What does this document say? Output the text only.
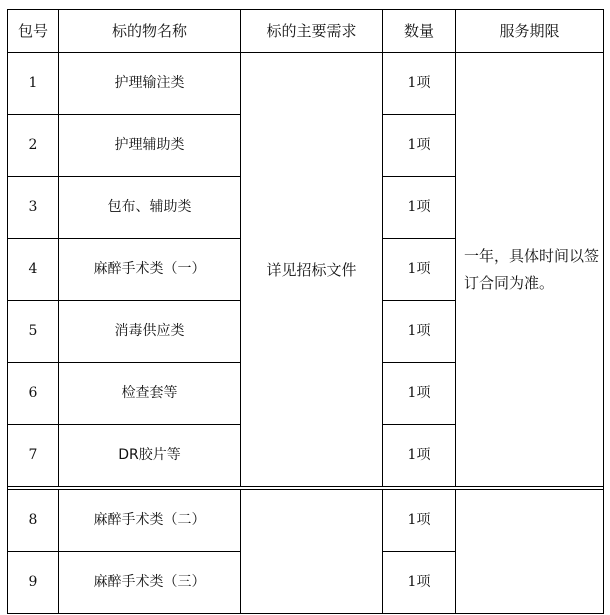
包号	标的物名称	标的主要需求	数量	服务期限
1	护理输注类	详见招标文件	1项	一年，具体时间以签订合同为准。
2	护理辅助类		1项	
3	包布、辅助类		1项	
4	麻醉手术类（一）		1项	
5	消毒供应类		1项	
6	检查套等		1项	
7	DR胶片等		1项	

8	麻醉手术类（二）		1项	
9	麻醉手术类（三）		1项	
